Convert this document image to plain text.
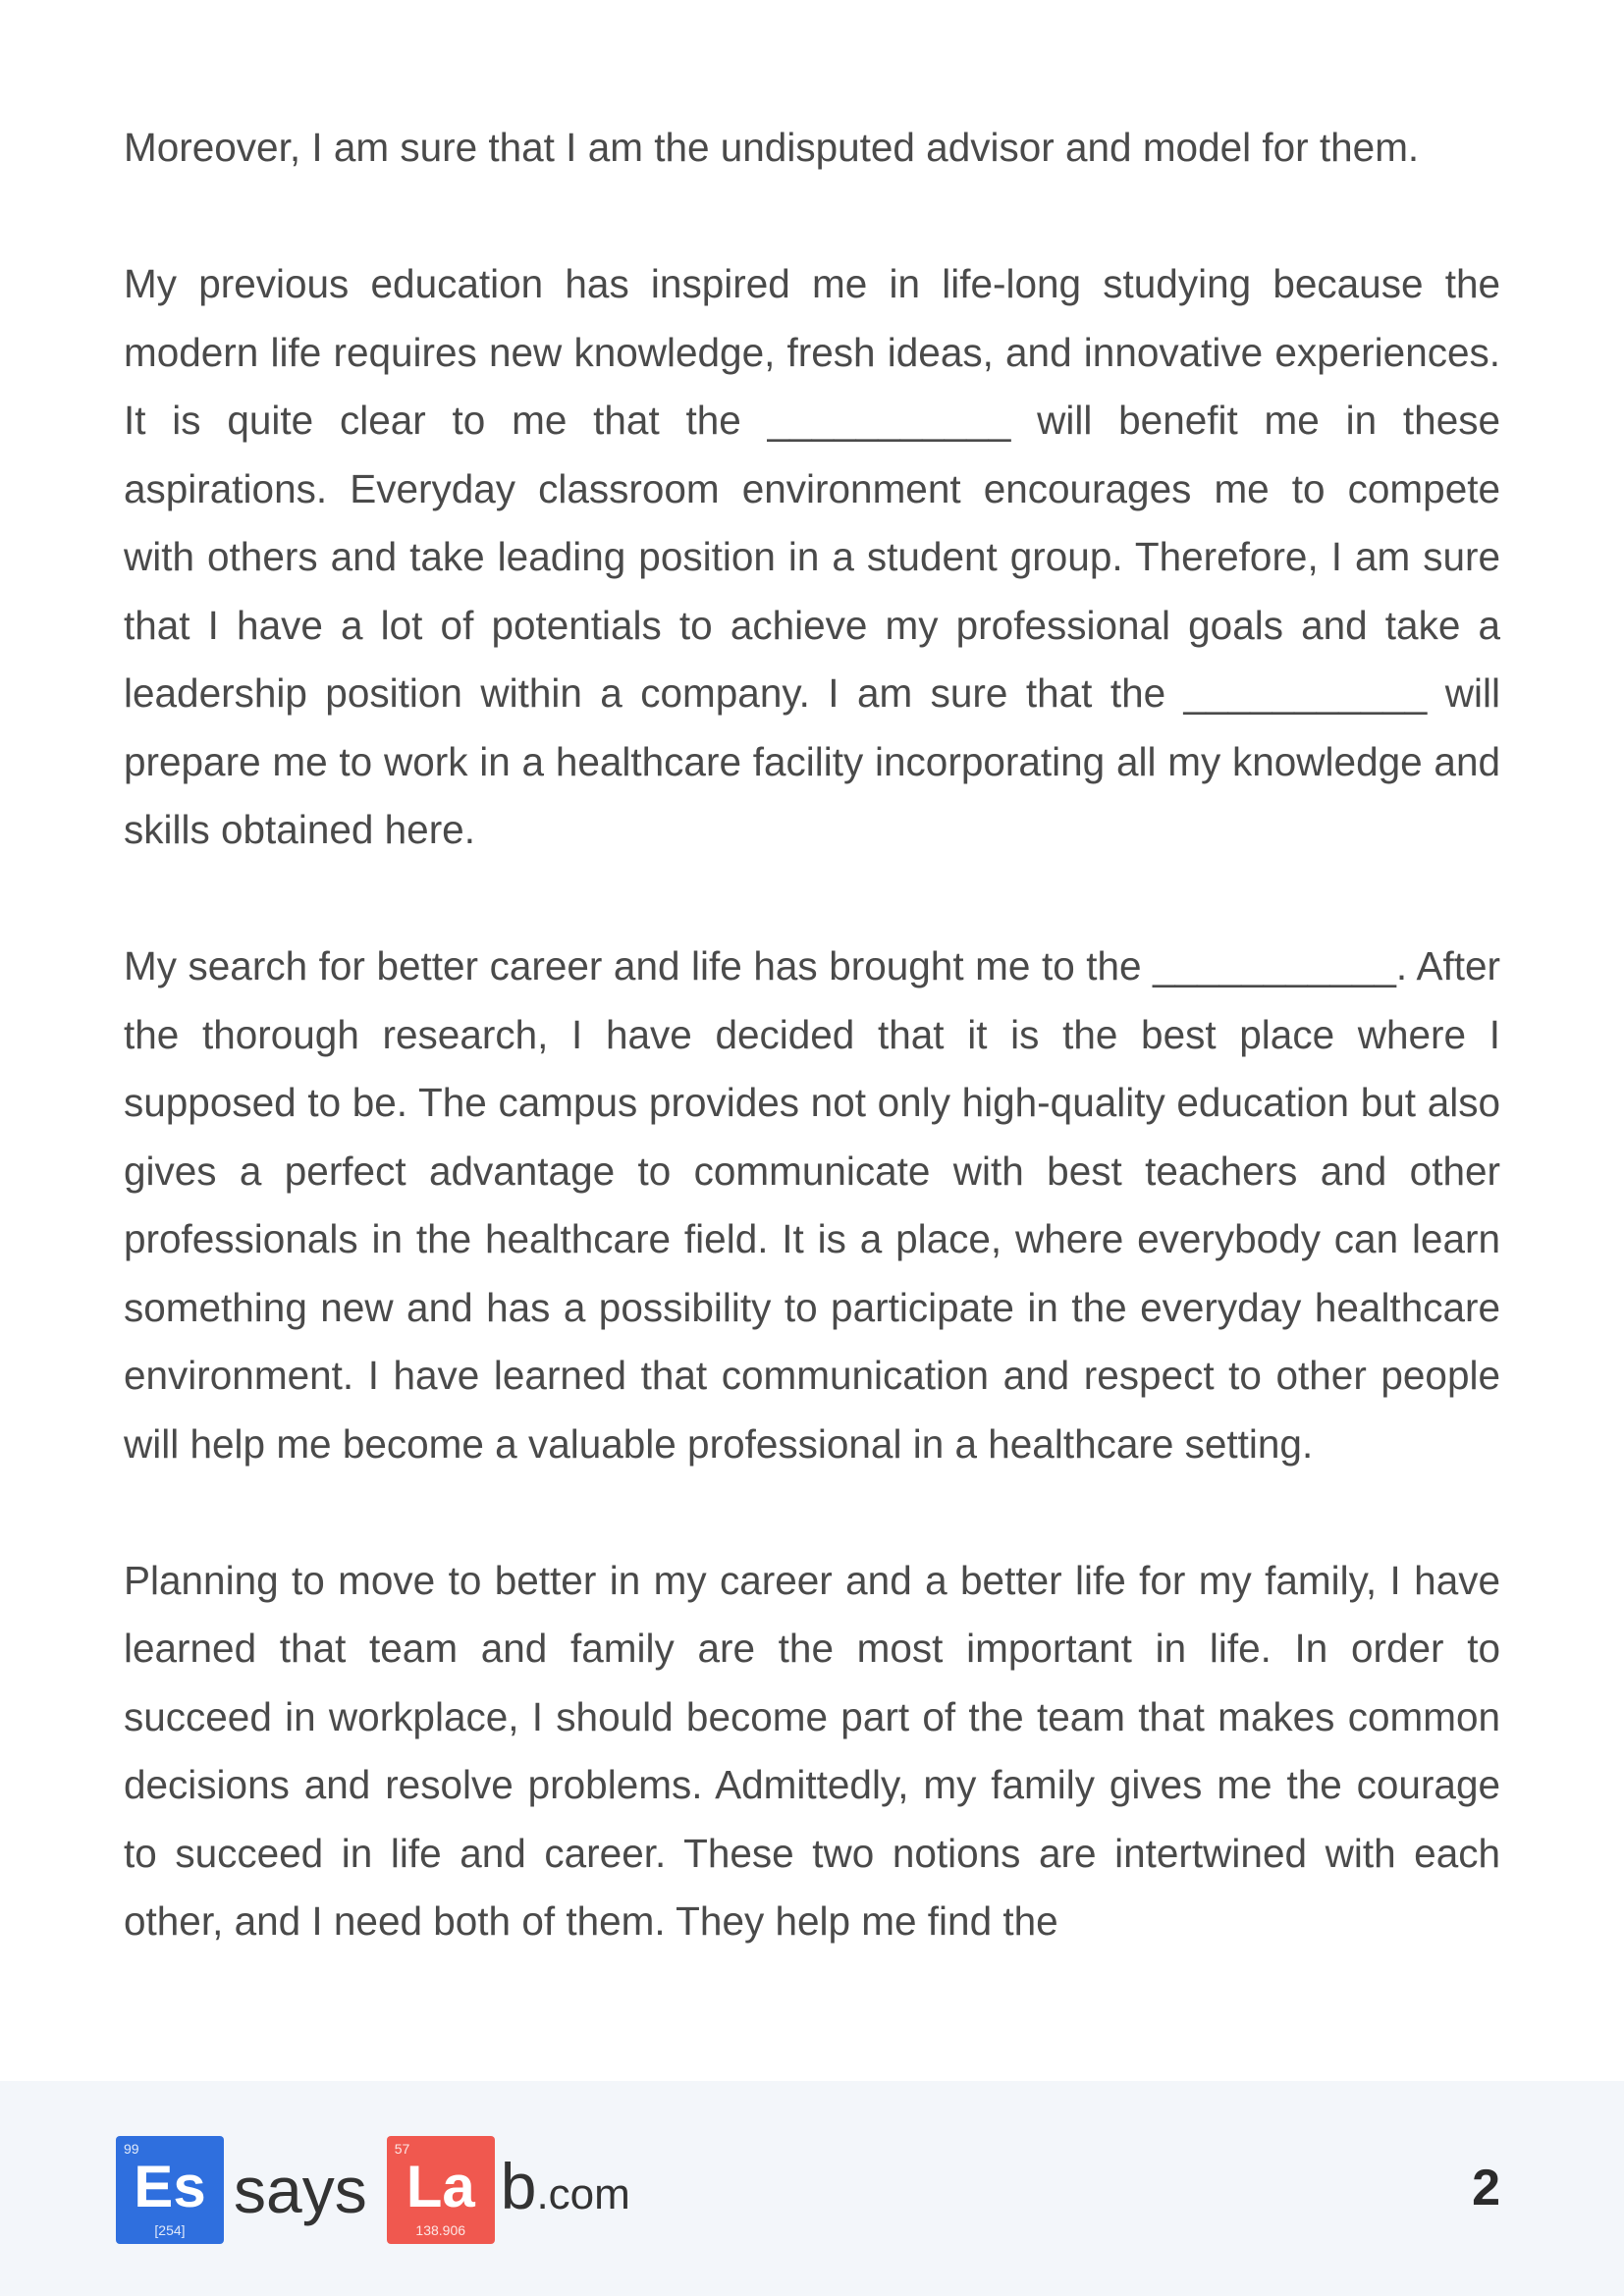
Moreover, I am sure that I am the undisputed advisor and model for them.

My previous education has inspired me in life-long studying because the modern life requires new knowledge, fresh ideas, and innovative experiences. It is quite clear to me that the ___________ will benefit me in these aspirations. Everyday classroom environment encourages me to compete with others and take leading position in a student group. Therefore, I am sure that I have a lot of potentials to achieve my professional goals and take a leadership position within a company. I am sure that the ___________ will prepare me to work in a healthcare facility incorporating all my knowledge and skills obtained here.

My search for better career and life has brought me to the ___________. After the thorough research, I have decided that it is the best place where I supposed to be. The campus provides not only high-quality education but also gives a perfect advantage to communicate with best teachers and other professionals in the healthcare field. It is a place, where everybody can learn something new and has a possibility to participate in the everyday healthcare environment. I have learned that communication and respect to other people will help me become a valuable professional in a healthcare setting.

Planning to move to better in my career and a better life for my family, I have learned that team and family are the most important in life. In order to succeed in workplace, I should become part of the team that makes common decisions and resolve problems. Admittedly, my family gives me the courage to succeed in life and career. These two notions are intertwined with each other, and I need both of them. They help me find the

99
Es
[254]
says
57
La
138.906
b.com	2
